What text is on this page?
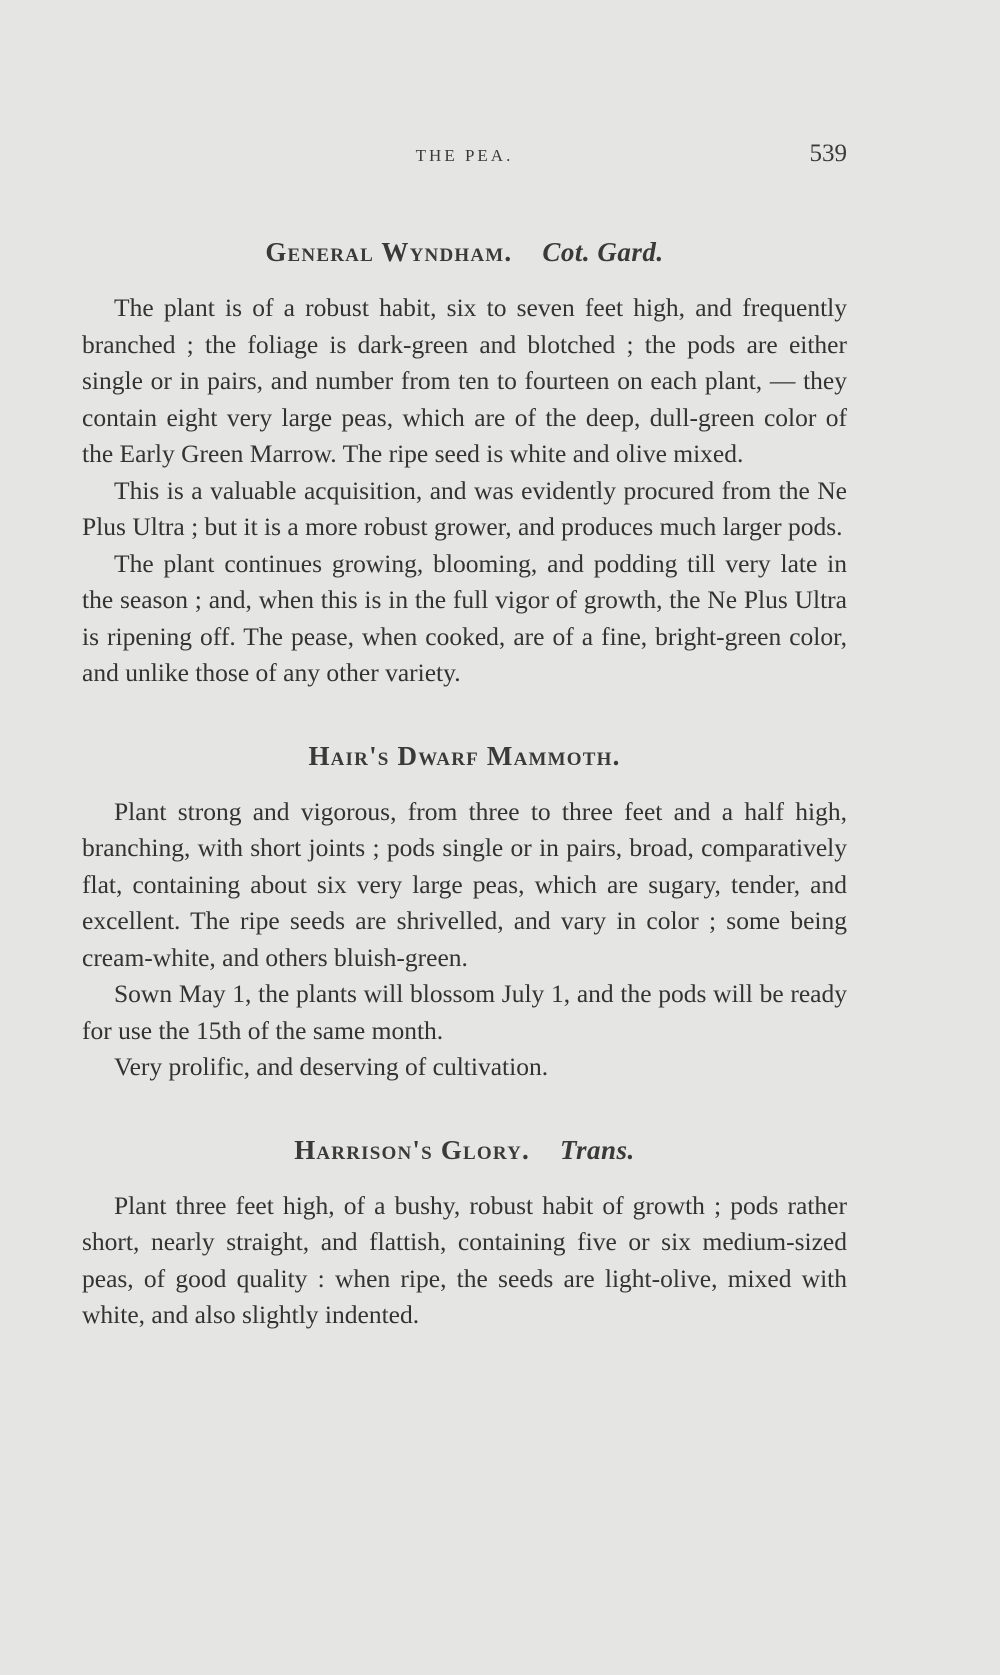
THE PEA.	539
General Wyndham. Cot. Gard.

The plant is of a robust habit, six to seven feet high, and frequently branched ; the foliage is dark-green and blotched ; the pods are either single or in pairs, and number from ten to fourteen on each plant, — they contain eight very large peas, which are of the deep, dull-green color of the Early Green Marrow. The ripe seed is white and olive mixed.

This is a valuable acquisition, and was evidently procured from the Ne Plus Ultra ; but it is a more robust grower, and produces much larger pods.

The plant continues growing, blooming, and podding till very late in the season ; and, when this is in the full vigor of growth, the Ne Plus Ultra is ripening off. The pease, when cooked, are of a fine, bright-green color, and unlike those of any other variety.

Hair's Dwarf Mammoth.

Plant strong and vigorous, from three to three feet and a half high, branching, with short joints ; pods single or in pairs, broad, comparatively flat, containing about six very large peas, which are sugary, tender, and excellent. The ripe seeds are shrivelled, and vary in color ; some being cream-white, and others bluish-green.

Sown May 1, the plants will blossom July 1, and the pods will be ready for use the 15th of the same month.

Very prolific, and deserving of cultivation.

Harrison's Glory. Trans.

Plant three feet high, of a bushy, robust habit of growth ; pods rather short, nearly straight, and flattish, containing five or six medium-sized peas, of good quality : when ripe, the seeds are light-olive, mixed with white, and also slightly indented.
